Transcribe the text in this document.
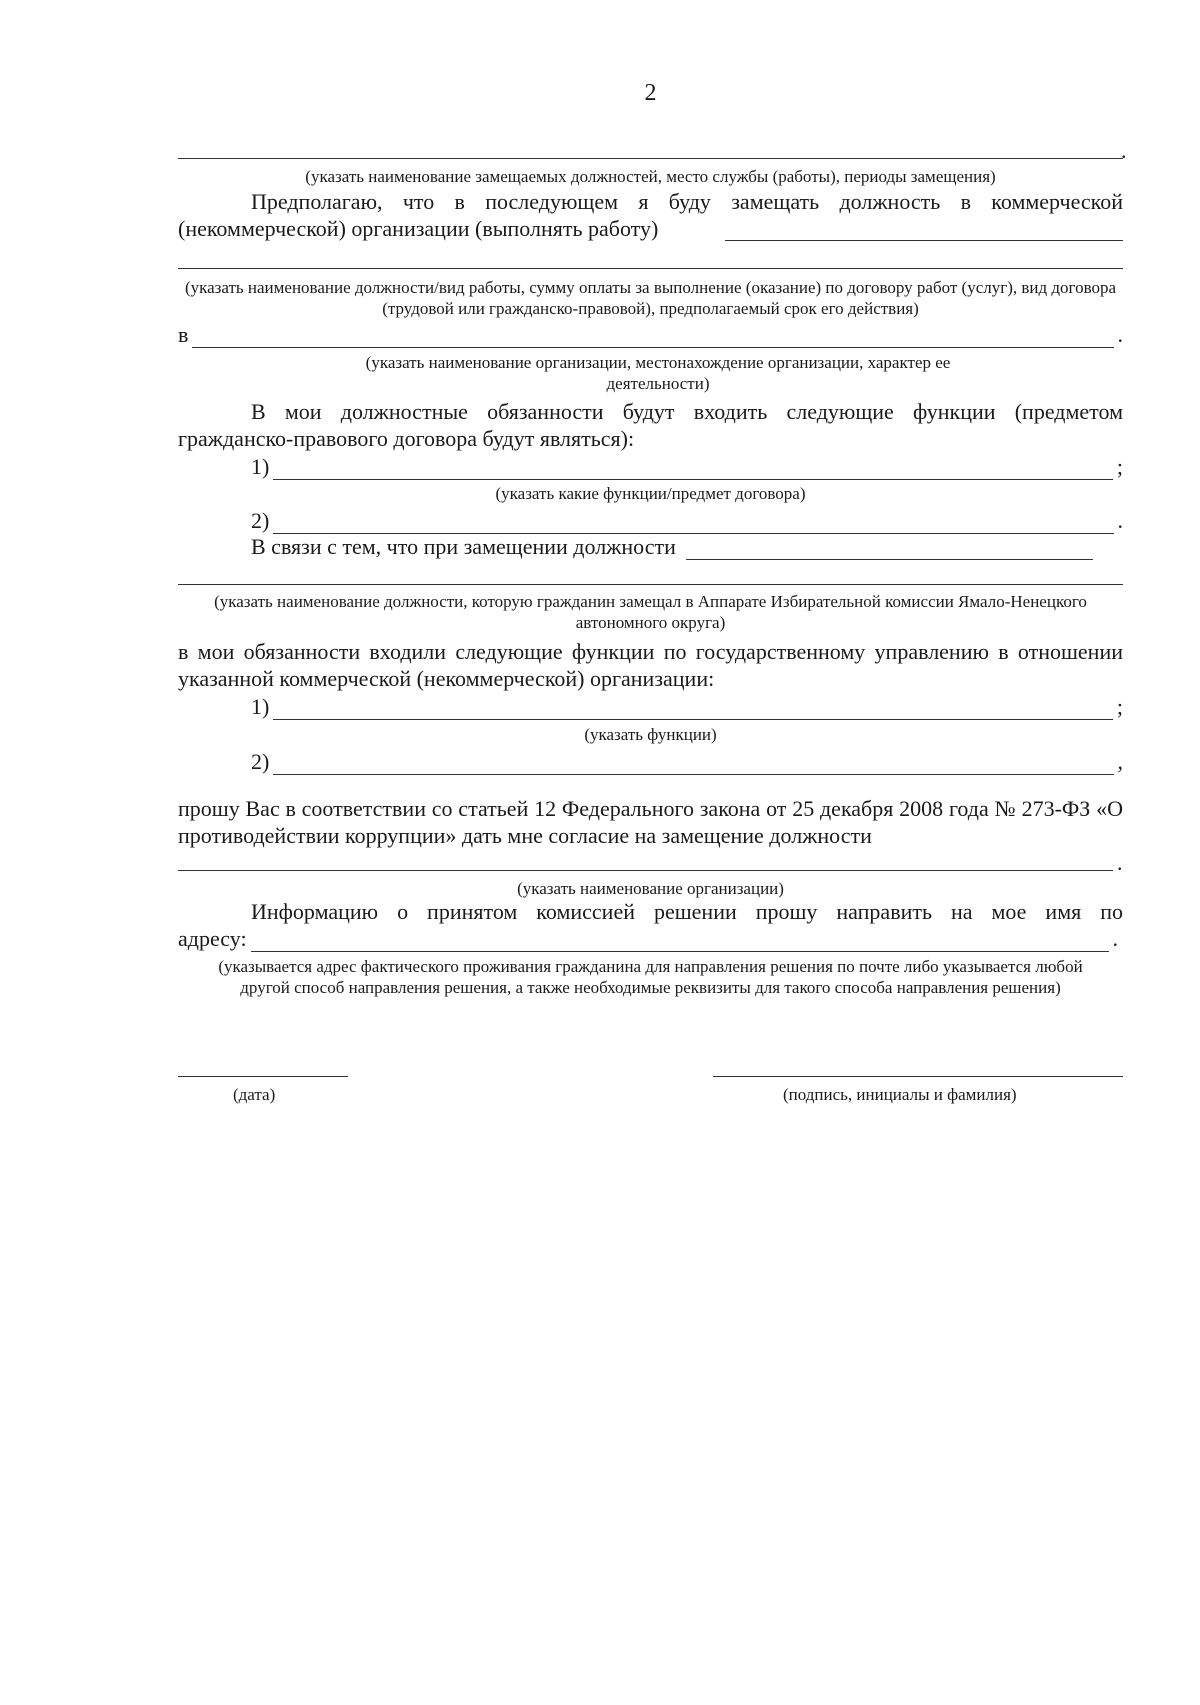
2
.
(указать наименование замещаемых должностей, место службы (работы), периоды замещения)
Предполагаю, что в последующем я буду замещать должность в коммерческой (некоммерческой) организации (выполнять работу)
(указать наименование должности/вид работы, сумму оплаты за выполнение (оказание) по договору работ (услуг), вид договора (трудовой или гражданско-правовой), предполагаемый срок его действия)
в	.
(указать наименование организации, местонахождение организации, характер ее деятельности)
В мои должностные обязанности будут входить следующие функции (предметом гражданско-правового договора будут являться):
1)	;
(указать какие функции/предмет договора)
2)	.
В связи с тем, что при замещении должности
(указать наименование должности, которую гражданин замещал в Аппарате Избирательной комиссии Ямало-Ненецкого автономного округа)
в мои обязанности входили следующие функции по государственному управлению в отношении указанной коммерческой (некоммерческой) организации:
1)	;
(указать функции)
2)	,
прошу Вас в соответствии со статьей 12 Федерального закона от 25 декабря 2008 года № 273-ФЗ «О противодействии коррупции» дать мне согласие на замещение должности
.
(указать наименование организации)
Информацию о принятом комиссией решении прошу направить на мое имя по
адресу:	.
(указывается адрес фактического проживания гражданина для направления решения по почте либо указывается любой другой способ направления решения, а также необходимые реквизиты для такого способа направления решения)
(дата)	(подпись, инициалы и фамилия)
